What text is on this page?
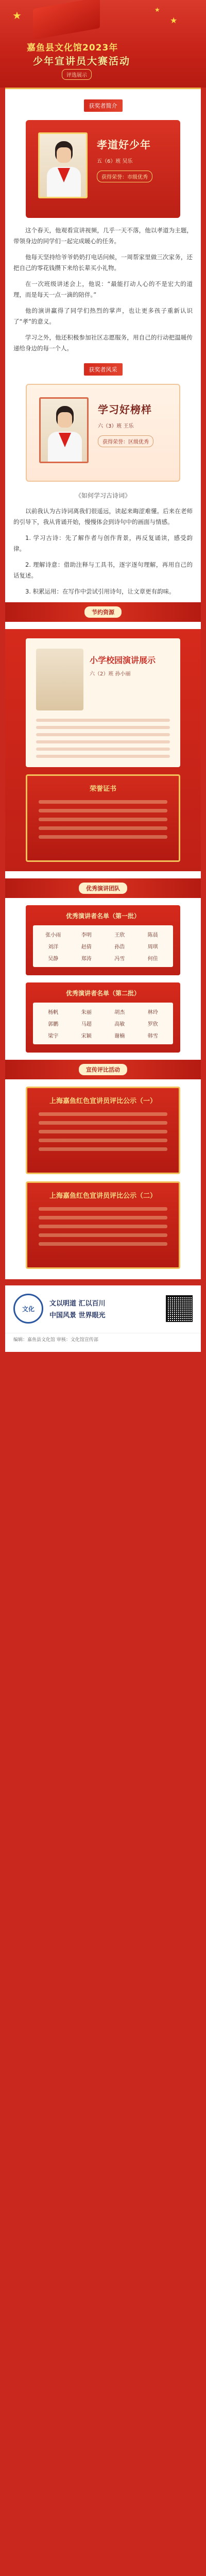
★	★
★
嘉鱼县文化馆2023年
少年宣讲员大赛活动
评选展示
获奖者简介
孝道好少年
五（6）班 吴乐
获得荣誉：市级优秀

这个春天，他观看宣讲视频，几乎一天不落，他以孝道为主题，带领身边的同学们一起完成暖心的任务。

他每天坚持给爷爷奶奶打电话问候，一周帮家里做三次家务，还把自己的零花钱攒下来给长辈买小礼物。

在一次班级讲述会上，他说：“最能打动人心的不是宏大的道理，而是每天一点一滴的陪伴。”

他的演讲赢得了同学们热烈的掌声，也让更多孩子重新认识了“孝”的意义。

学习之外，他还积极参加社区志愿服务，用自己的行动把温暖传递给身边的每一个人。

获奖者风采
学习好榜样
六（3）班 王乐
获得荣誉：区级优秀
《如何学习古诗词》

以前我认为古诗词离我们很遥远，读起来晦涩难懂。后来在老师的引导下，我从背诵开始，慢慢体会到诗句中的画面与情感。

1. 学习古诗：先了解作者与创作背景，再反复诵读，感受韵律。

2. 理解诗意：借助注释与工具书，逐字逐句理解，再用自己的话复述。

3. 积累运用：在写作中尝试引用诗句，让文章更有韵味。

节约资源
小学校园演讲展示
六（2）班 孙小丽
荣誉证书
优秀演讲团队
优秀演讲者名单（第一批）
张小雨	李明	王欣	陈晨
刘洋	赵倩	孙浩	周琪
吴静	郑涛	冯雪	何佳
优秀演讲者名单（第二批）
杨帆	朱丽	胡杰	林玲
郭鹏	马超	高敏	罗欣
梁宇	宋颖	谢楠	韩雪
宣传评比活动
上海嘉鱼红色宣讲员评比公示（一）
上海嘉鱼红色宣讲员评比公示（二）
文化
文以明道 汇以百川
中国风景 世界眼光
编辑：嘉鱼县文化馆 审核：文化馆宣传部
